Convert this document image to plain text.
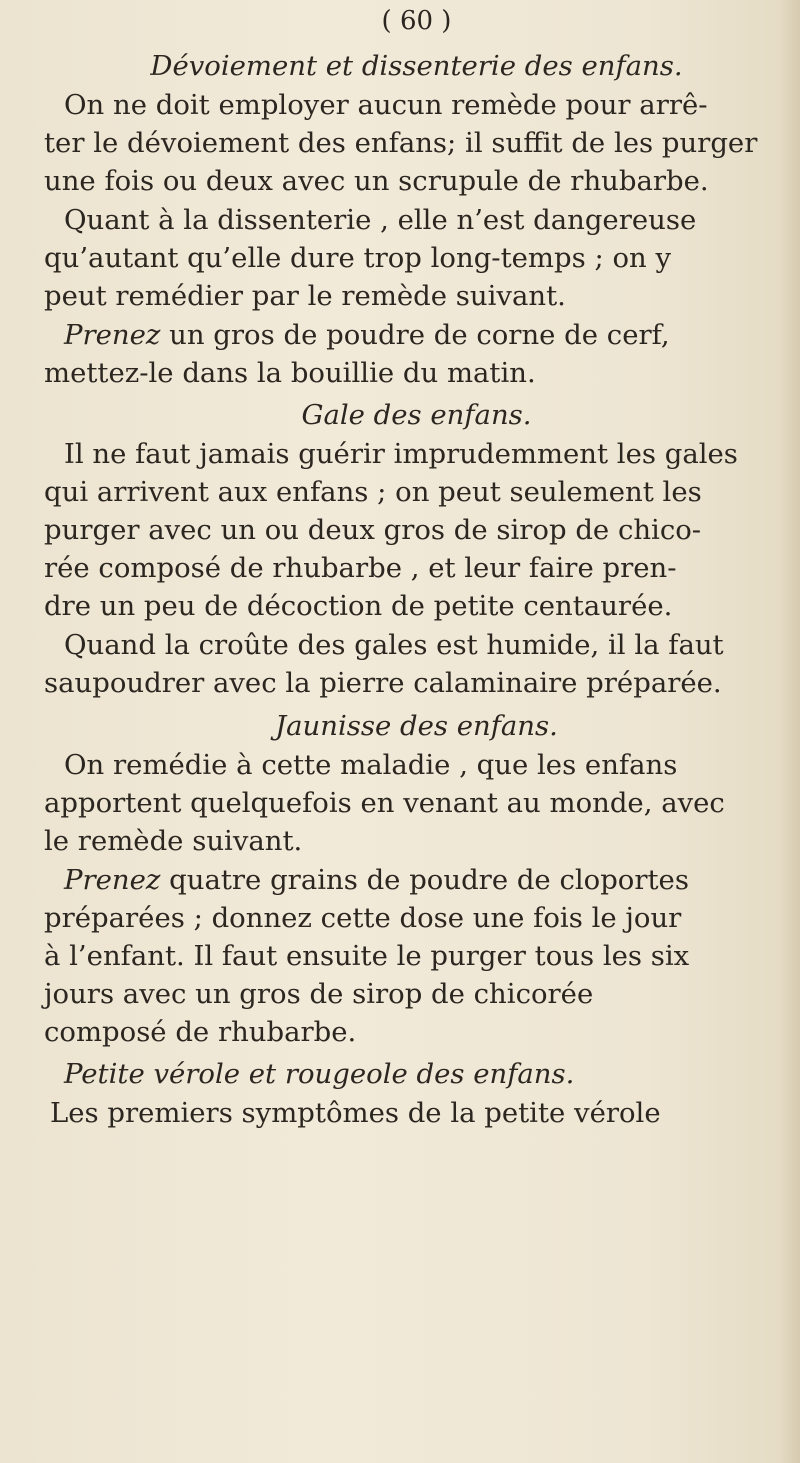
( 60 )
Dévoiement et dissenterie des enfans.
On ne doit employer aucun remède pour arrê-
ter le dévoiement des enfans; il suffit de les purger
une fois ou deux avec un scrupule de rhubarbe.
Quant à la dissenterie , elle n’est dangereuse
qu’autant qu’elle dure trop long-temps ; on y
peut remédier par le remède suivant.
Prenez un gros de poudre de corne de cerf,
mettez-le dans la bouillie du matin.
Gale des enfans.
Il ne faut jamais guérir imprudemment les gales
qui arrivent aux enfans ; on peut seulement les
purger avec un ou deux gros de sirop de chico-
rée composé de rhubarbe , et leur faire pren-
dre un peu de décoction de petite centaurée.
Quand la croûte des gales est humide, il la faut
saupoudrer avec la pierre calaminaire préparée.
Jaunisse des enfans.
On remédie à cette maladie , que les enfans
apportent quelquefois en venant au monde, avec
le remède suivant.
Prenez quatre grains de poudre de cloportes
préparées ; donnez cette dose une fois le jour
à l’enfant. Il faut ensuite le purger tous les six
jours avec un gros de sirop de chicorée
composé de rhubarbe.
Petite vérole et rougeole des enfans.
Les premiers symptômes de la petite vérole
